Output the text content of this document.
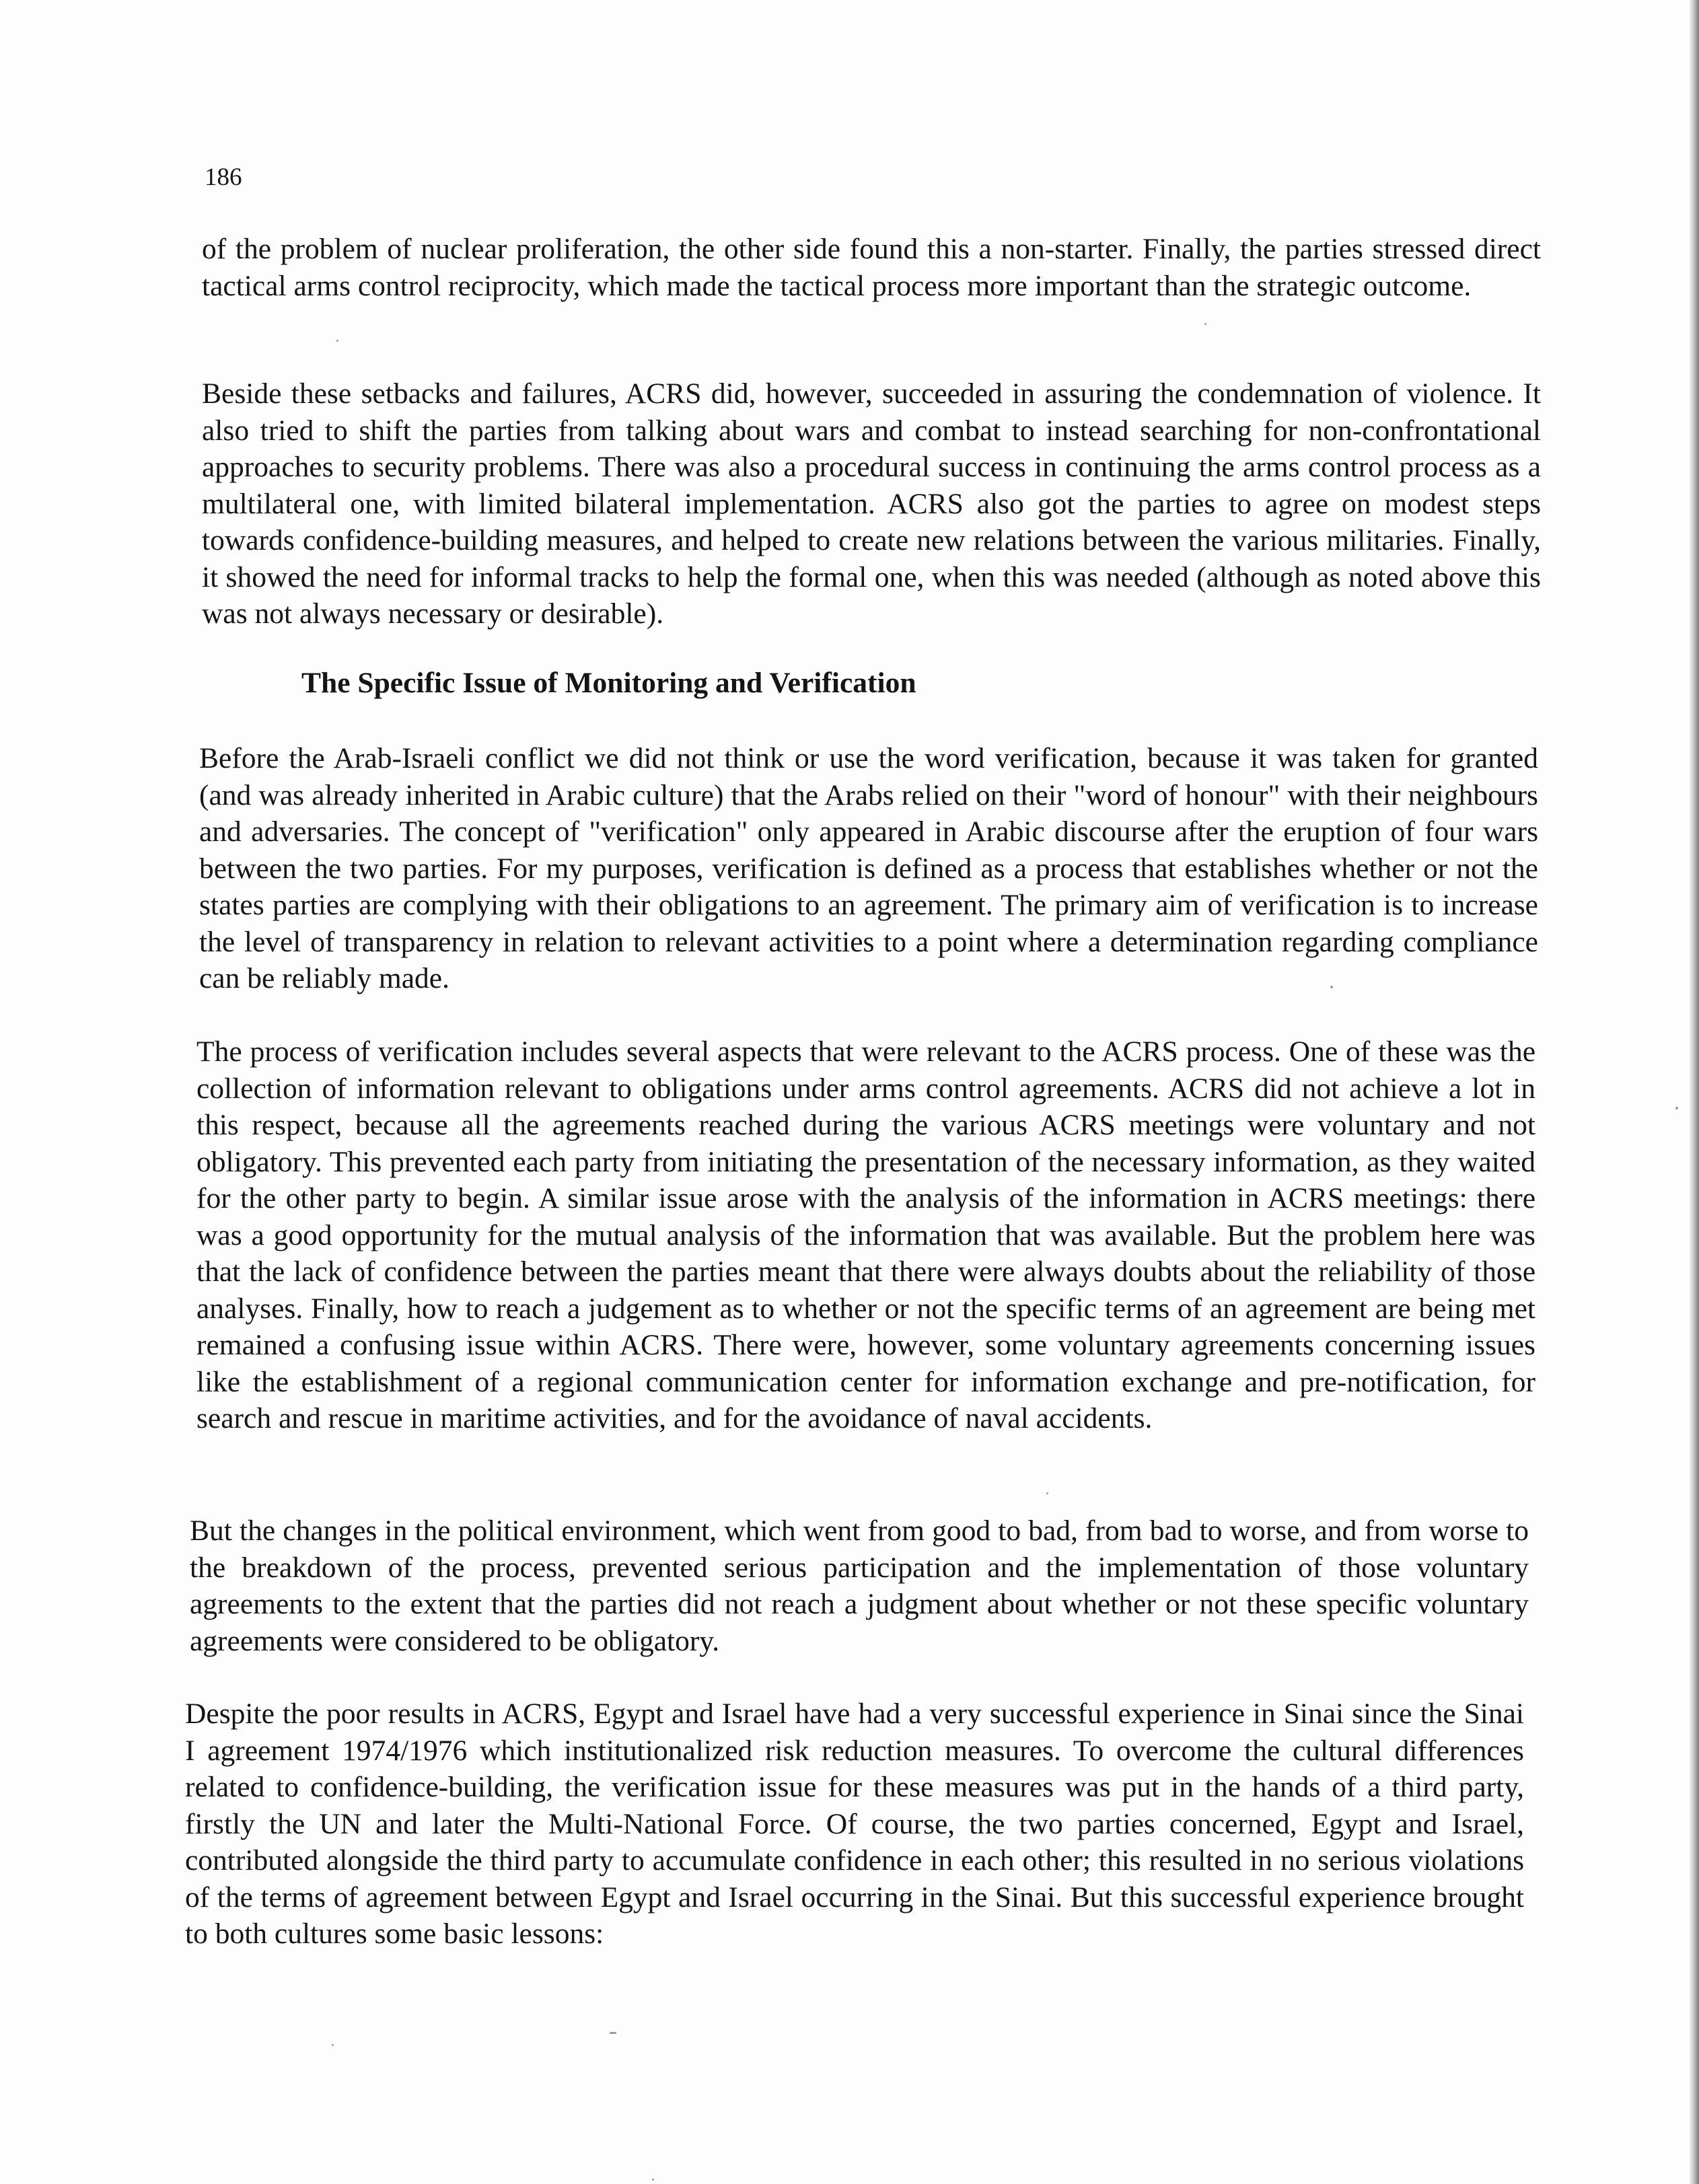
186

of the problem of nuclear proliferation, the other side found this a non-starter. Finally, the parties stressed direct tactical arms control reciprocity, which made the tactical process more important than the strategic outcome.

Beside these setbacks and failures, ACRS did, however, succeeded in assuring the condemnation of violence. It also tried to shift the parties from talking about wars and combat to instead searching for non-confrontational approaches to security problems. There was also a procedural success in continuing the arms control process as a multilateral one, with limited bilateral implementation. ACRS also got the parties to agree on modest steps towards confidence-building measures, and helped to create new relations between the various militaries. Finally, it showed the need for informal tracks to help the formal one, when this was needed (although as noted above this was not always necessary or desirable).

The Specific Issue of Monitoring and Verification

Before the Arab-Israeli conflict we did not think or use the word verification, because it was taken for granted (and was already inherited in Arabic culture) that the Arabs relied on their "word of honour" with their neighbours and adversaries. The concept of "verification" only appeared in Arabic discourse after the eruption of four wars between the two parties. For my purposes, verification is defined as a process that establishes whether or not the states parties are complying with their obligations to an agreement. The primary aim of verification is to increase the level of transparency in relation to relevant activities to a point where a determination regarding compliance can be reliably made.

The process of verification includes several aspects that were relevant to the ACRS process. One of these was the collection of information relevant to obligations under arms control agreements. ACRS did not achieve a lot in this respect, because all the agreements reached during the various ACRS meetings were voluntary and not obligatory. This prevented each party from initiating the presentation of the necessary information, as they waited for the other party to begin. A similar issue arose with the analysis of the information in ACRS meetings: there was a good opportunity for the mutual analysis of the information that was available. But the problem here was that the lack of confidence between the parties meant that there were always doubts about the reliability of those analyses. Finally, how to reach a judgement as to whether or not the specific terms of an agreement are being met remained a confusing issue within ACRS. There were, however, some voluntary agreements concerning issues like the establishment of a regional communication center for information exchange and pre-notification, for search and rescue in maritime activities, and for the avoidance of naval accidents.

But the changes in the political environment, which went from good to bad, from bad to worse, and from worse to the breakdown of the process, prevented serious participation and the implementation of those voluntary agreements to the extent that the parties did not reach a judgment about whether or not these specific voluntary agreements were considered to be obligatory.

Despite the poor results in ACRS, Egypt and Israel have had a very successful experience in Sinai since the Sinai I agreement 1974/1976 which institutionalized risk reduction measures. To overcome the cultural differences related to confidence-building, the verification issue for these measures was put in the hands of a third party, firstly the UN and later the Multi-National Force. Of course, the two parties concerned, Egypt and Israel, contributed alongside the third party to accumulate confidence in each other; this resulted in no serious violations of the terms of agreement between Egypt and Israel occurring in the Sinai. But this successful experience brought to both cultures some basic lessons:
